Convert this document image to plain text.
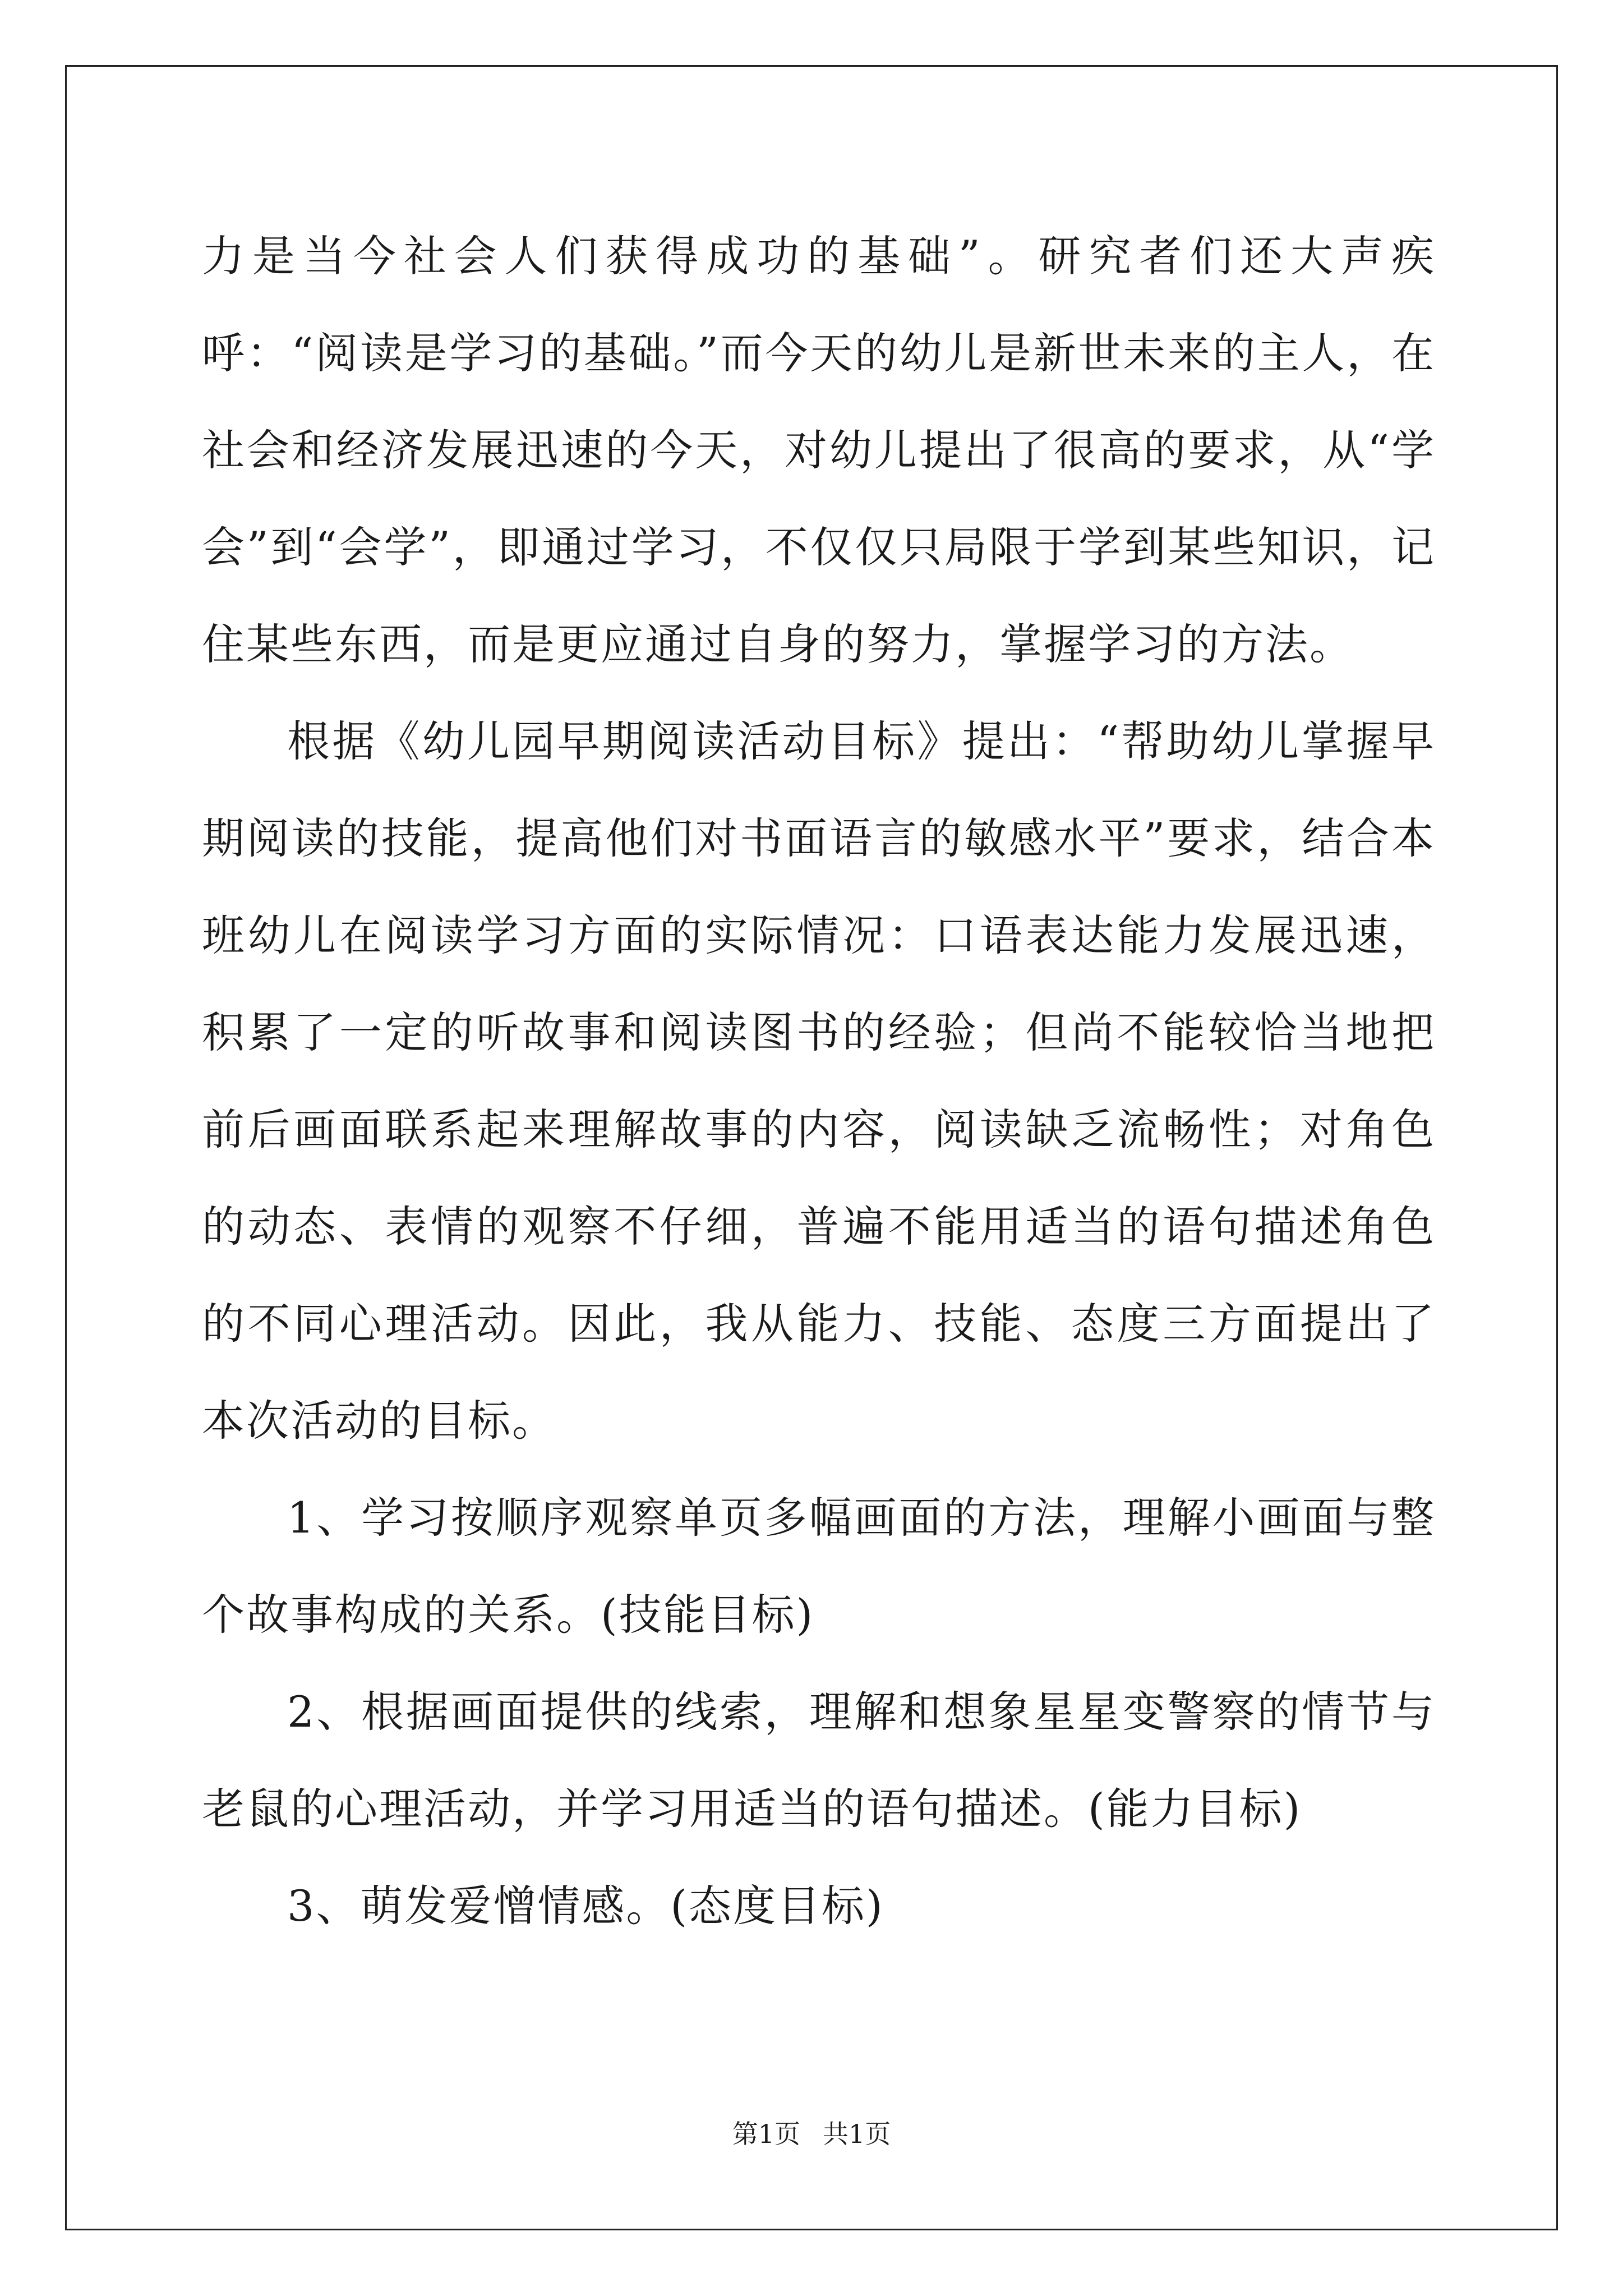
力是当今社会人们获得成功的基础”。研究者们还大声疾呼：“阅读是学习的基础。”而今天的幼儿是新世未来的主人，在社会和经济发展迅速的今天，对幼儿提出了很高的要求，从“学会”到“会学”，即通过学习，不仅仅只局限于学到某些知识，记住某些东西，而是更应通过自身的努力，掌握学习的方法。

根据《幼儿园早期阅读活动目标》提出：“帮助幼儿掌握早期阅读的技能，提高他们对书面语言的敏感水平”要求，结合本班幼儿在阅读学习方面的实际情况：口语表达能力发展迅速，积累了一定的听故事和阅读图书的经验；但尚不能较恰当地把前后画面联系起来理解故事的内容，阅读缺乏流畅性；对角色的动态、表情的观察不仔细，普遍不能用适当的语句描述角色的不同心理活动。因此，我从能力、技能、态度三方面提出了本次活动的目标。

1、学习按顺序观察单页多幅画面的方法，理解小画面与整个故事构成的关系。(技能目标)

2、根据画面提供的线索，理解和想象星星变警察的情节与老鼠的心理活动，并学习用适当的语句描述。(能力目标)

3、萌发爱憎情感。(态度目标)

第1页 共1页
